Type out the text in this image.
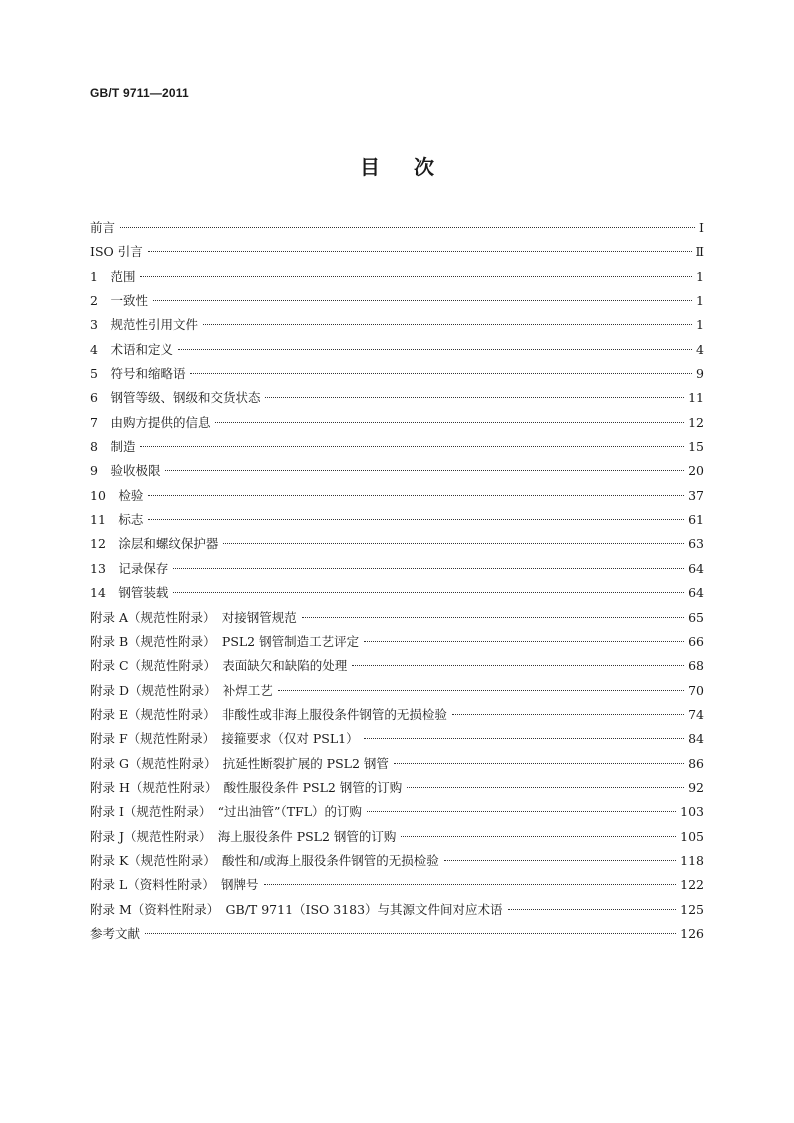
GB/T 9711—2011
目次
前言	Ⅰ
ISO 引言	Ⅱ
1　范围	1
2　一致性	1
3　规范性引用文件	1
4　术语和定义	4
5　符号和缩略语	9
6　钢管等级、钢级和交货状态	11
7　由购方提供的信息	12
8　制造	15
9　验收极限	20
10　检验	37
11　标志	61
12　涂层和螺纹保护器	63
13　记录保存	64
14　钢管装载	64
附录 A（规范性附录）　对接钢管规范	65
附录 B（规范性附录）　PSL2 钢管制造工艺评定	66
附录 C（规范性附录）　表面缺欠和缺陷的处理	68
附录 D（规范性附录）　补焊工艺	70
附录 E（规范性附录）　非酸性或非海上服役条件钢管的无损检验	74
附录 F（规范性附录）　接箍要求（仅对 PSL1）	84
附录 G（规范性附录）　抗延性断裂扩展的 PSL2 钢管	86
附录 H（规范性附录）　酸性服役条件 PSL2 钢管的订购	92
附录 I（规范性附录）　“过出油管”（TFL）的订购	103
附录 J（规范性附录）　海上服役条件 PSL2 钢管的订购	105
附录 K（规范性附录）　酸性和/或海上服役条件钢管的无损检验	118
附录 L（资料性附录）　钢牌号	122
附录 M（资料性附录）　GB/T 9711（ISO 3183）与其源文件间对应术语	125
参考文献	126
